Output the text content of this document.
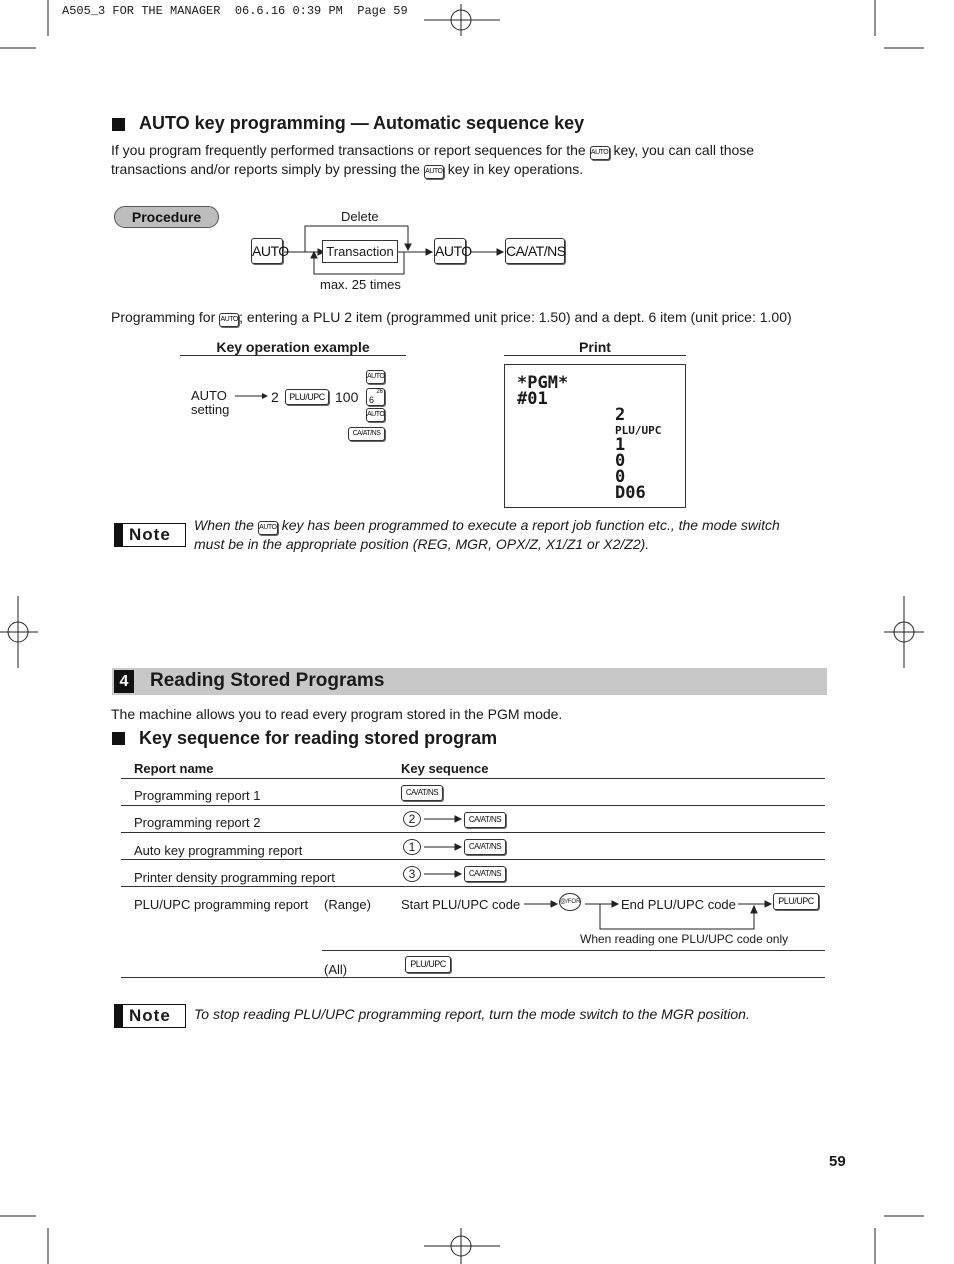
A505_3 FOR THE MANAGER  06.6.16 0:39 PM  Page 59
AUTO key programming — Automatic sequence key
If you program frequently performed transactions or report sequences for the AUTO key, you can call those
transactions and/or reports simply by pressing the AUTO key in key operations.
Procedure	Delete
AUTO	Transaction	AUTO CA/AT/NS
max. 25 times
Programming for AUTO; entering a PLU 2 item (programmed unit price: 1.50) and a dept. 6 item (unit price: 1.00)
Key operation example	Print
AUTO
setting
2	PLU/UPC 100
AUTO
26
6
AUTO
CA/AT/NS
*PGM*
#01
2
PLU/UPC
1
0
0
D06
Note When the AUTO key has been programmed to execute a report job function etc., the mode switch
must be in the appropriate position (REG, MGR, OPX/Z, X1/Z1 or X2/Z2).
4 Reading Stored Programs
The machine allows you to read every program stored in the PGM mode.
Key sequence for reading stored program
Report name	Key sequence
Programming report 1	CA/AT/NS
Programming report 2	2	CA/AT/NS
Auto key programming report	1	CA/AT/NS
Printer density programming report	3	CA/AT/NS
PLU/UPC programming report (Range) Start PLU/UPC code	@/FOR	End PLU/UPC code	PLU/UPC
When reading one PLU/UPC code only
(All)	PLU/UPC
Note To stop reading PLU/UPC programming report, turn the mode switch to the MGR position.
59
